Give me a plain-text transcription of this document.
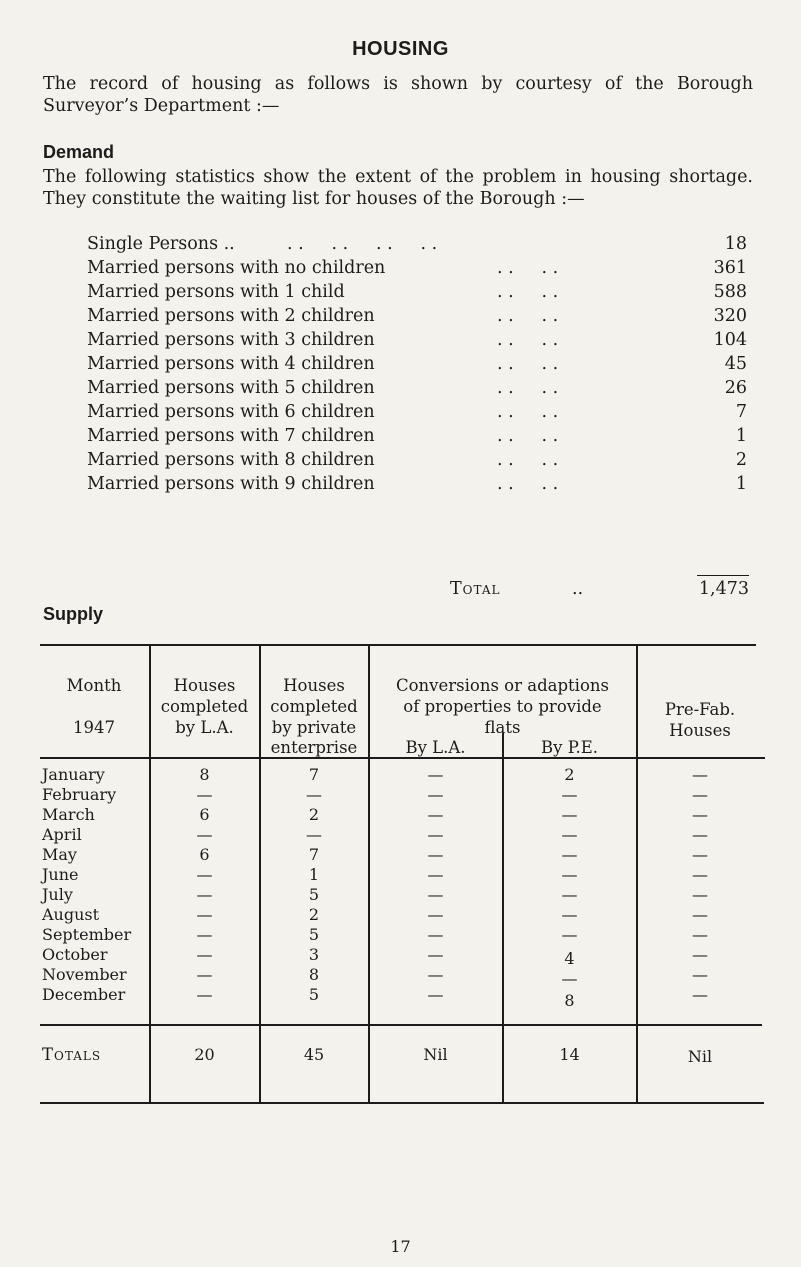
HOUSING
The record of housing as follows is shown by courtesy of the Borough Surveyor’s Department :—
Demand
The following statistics show the extent of the problem in housing shortage. They constitute the waiting list for houses of the Borough :—
Single Persons ..	. .     . .     . .     . .	18
Married persons with no children	. .     . .	361
Married persons with 1 child	. .     . .	588
Married persons with 2 children	. .     . .	320
Married persons with 3 children	. .     . .	104
Married persons with 4 children	. .     . .	45
Married persons with 5 children	. .     . .	26
Married persons with 6 children	. .     . .	7
Married persons with 7 children	. .     . .	1
Married persons with 8 children	. .     . .	2
Married persons with 9 children	. .     . .	1
Total	..	1,473
Supply
Month
1947
Houses
completed
by L.A.
Houses
completed
by private
enterprise
Conversions or adaptions
of properties to provide
flats
By L.A.	By P.E.
Pre-Fab.
Houses
January	8	7	—	2	—
February	—	—	—	—	—
March	6	2	—	—	—
April	—	—	—	—	—
May	6	7	—	—	—
June	—	1	—	—	—
July	—	5	—	—	—
August	—	2	—	—	—
September	—	5	—	—	—
October	—	3	—	4	—
November	—	8	—	—	—
December	—	5	—	8	—
Totals	20	45	Nil	14	Nil
17
